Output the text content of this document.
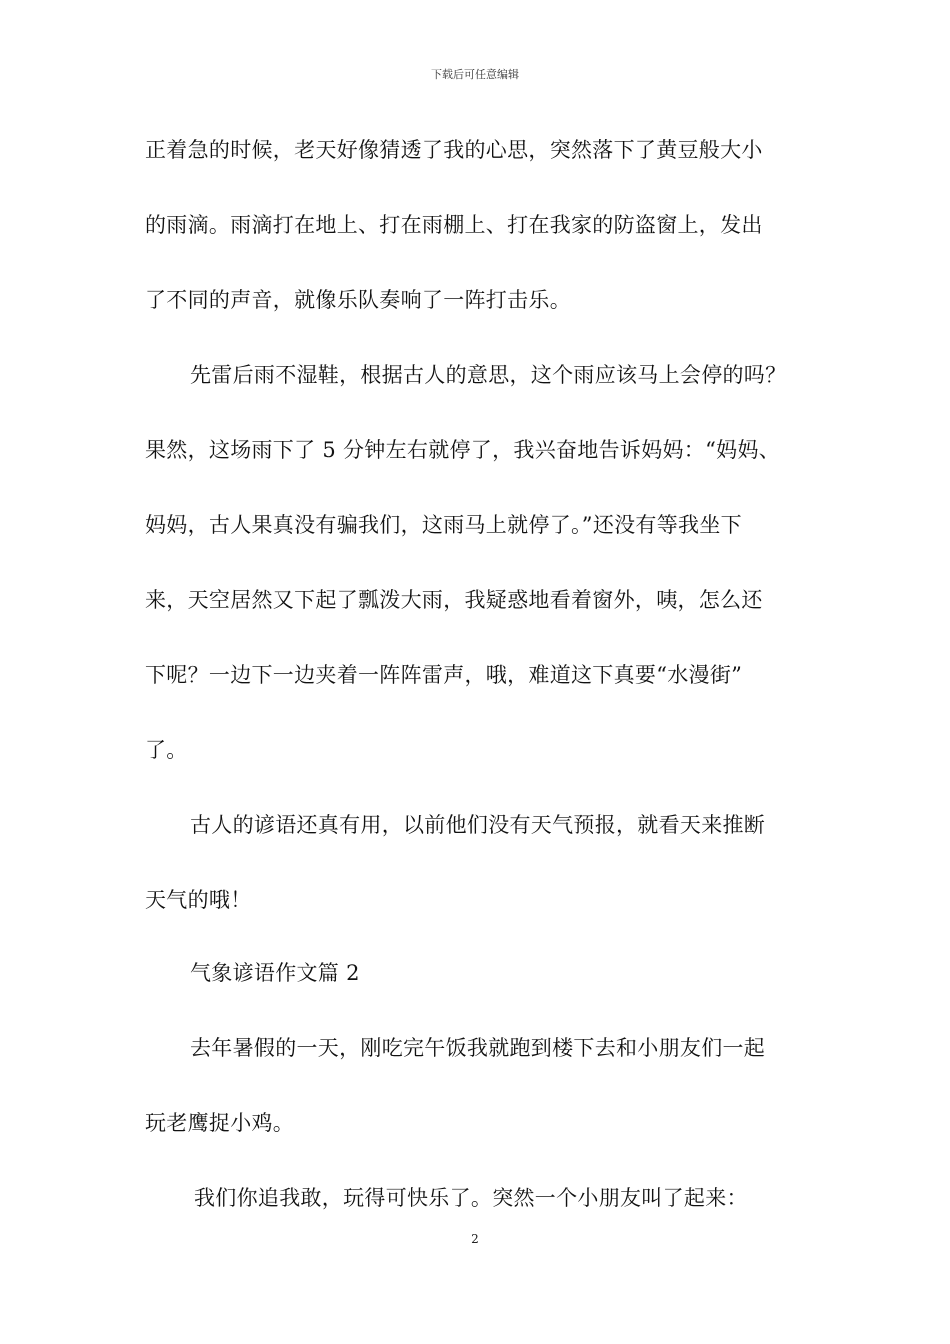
下载后可任意编辑
正着急的时候，老天好像猜透了我的心思，突然落下了黄豆般大小
的雨滴。雨滴打在地上、打在雨棚上、打在我家的防盗窗上，发出
了不同的声音，就像乐队奏响了一阵打击乐。
先雷后雨不湿鞋，根据古人的意思，这个雨应该马上会停的吗？
果然，这场雨下了 5 分钟左右就停了，我兴奋地告诉妈妈：“妈妈、
妈妈，古人果真没有骗我们，这雨马上就停了。”还没有等我坐下
来，天空居然又下起了瓢泼大雨，我疑惑地看着窗外，咦，怎么还
下呢？一边下一边夹着一阵阵雷声，哦，难道这下真要“水漫街”
了。
古人的谚语还真有用，以前他们没有天气预报，就看天来推断
天气的哦！
气象谚语作文篇 2
去年暑假的一天，刚吃完午饭我就跑到楼下去和小朋友们一起
玩老鹰捉小鸡。
我们你追我敢，玩得可快乐了。突然一个小朋友叫了起来：
2
